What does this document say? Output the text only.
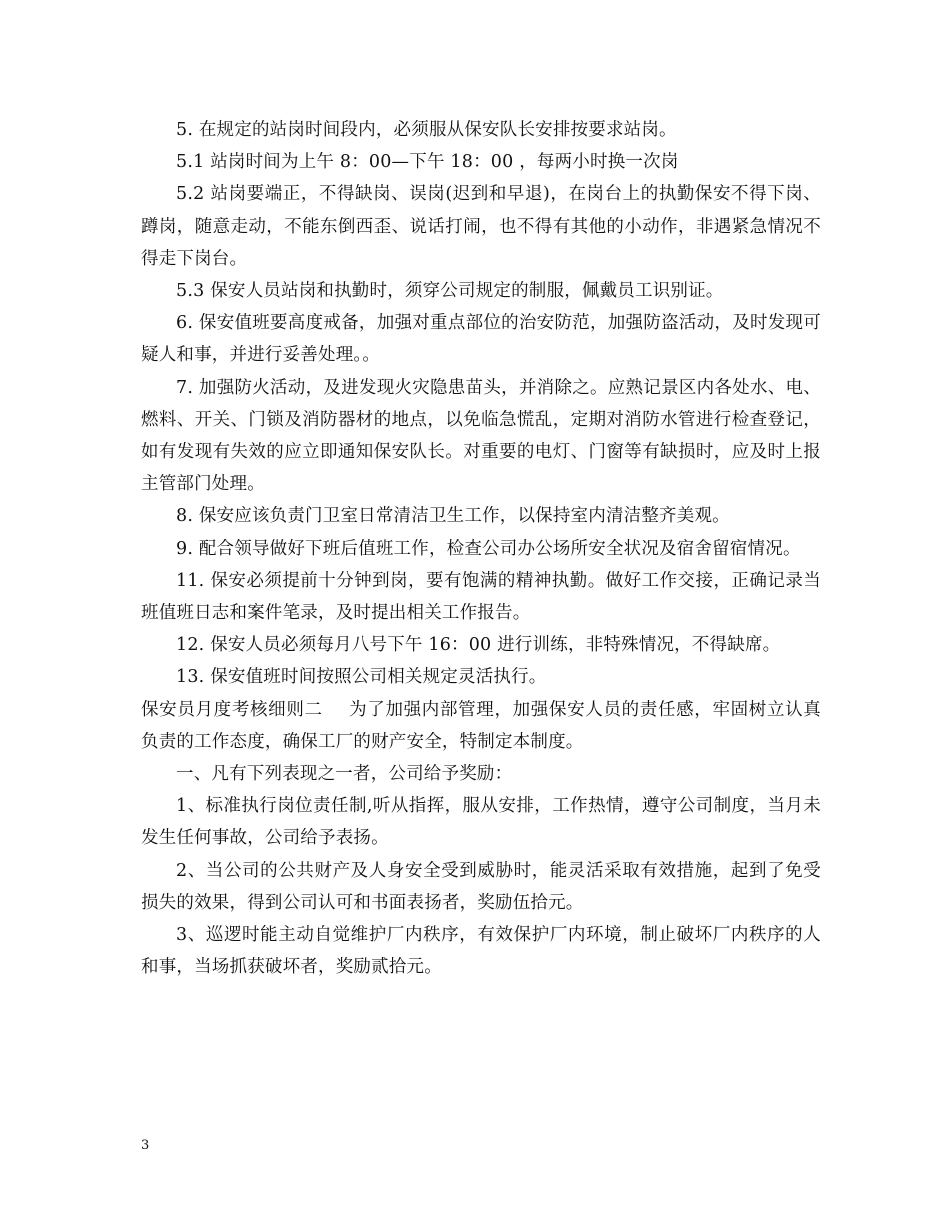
5. 在规定的站岗时间段内，必须服从保安队长安排按要求站岗。

5.1 站岗时间为上午 8：00—下午 18：00 ，每两小时换一次岗

5.2 站岗要端正，不得缺岗、误岗(迟到和早退)，在岗台上的执勤保安不得下岗、蹲岗，随意走动，不能东倒西歪、说话打闹，也不得有其他的小动作，非遇紧急情况不得走下岗台。

5.3 保安人员站岗和执勤时，须穿公司规定的制服，佩戴员工识别证。

6. 保安值班要高度戒备，加强对重点部位的治安防范，加强防盗活动，及时发现可疑人和事，并进行妥善处理。。

7. 加强防火活动，及进发现火灾隐患苗头，并消除之。应熟记景区内各处水、电、燃料、开关、门锁及消防器材的地点，以免临急慌乱，定期对消防水管进行检查登记，如有发现有失效的应立即通知保安队长。对重要的电灯、门窗等有缺损时，应及时上报主管部门处理。

8. 保安应该负责门卫室日常清洁卫生工作，以保持室内清洁整齐美观。

9. 配合领导做好下班后值班工作，检查公司办公场所安全状况及宿舍留宿情况。

11. 保安必须提前十分钟到岗，要有饱满的精神执勤。做好工作交接，正确记录当班值班日志和案件笔录，及时提出相关工作报告。

12. 保安人员必须每月八号下午 16：00 进行训练，非特殊情况，不得缺席。

13. 保安值班时间按照公司相关规定灵活执行。

保安员月度考核细则二 为了加强内部管理，加强保安人员的责任感，牢固树立认真负责的工作态度，确保工厂的财产安全，特制定本制度。

一、凡有下列表现之一者，公司给予奖励：

1、标准执行岗位责任制,听从指挥，服从安排，工作热情，遵守公司制度，当月未发生任何事故，公司给予表扬。

2、当公司的公共财产及人身安全受到威胁时，能灵活采取有效措施，起到了免受损失的效果，得到公司认可和书面表扬者，奖励伍拾元。

3、巡逻时能主动自觉维护厂内秩序，有效保护厂内环境，制止破坏厂内秩序的人和事，当场抓获破坏者，奖励贰拾元。

3
